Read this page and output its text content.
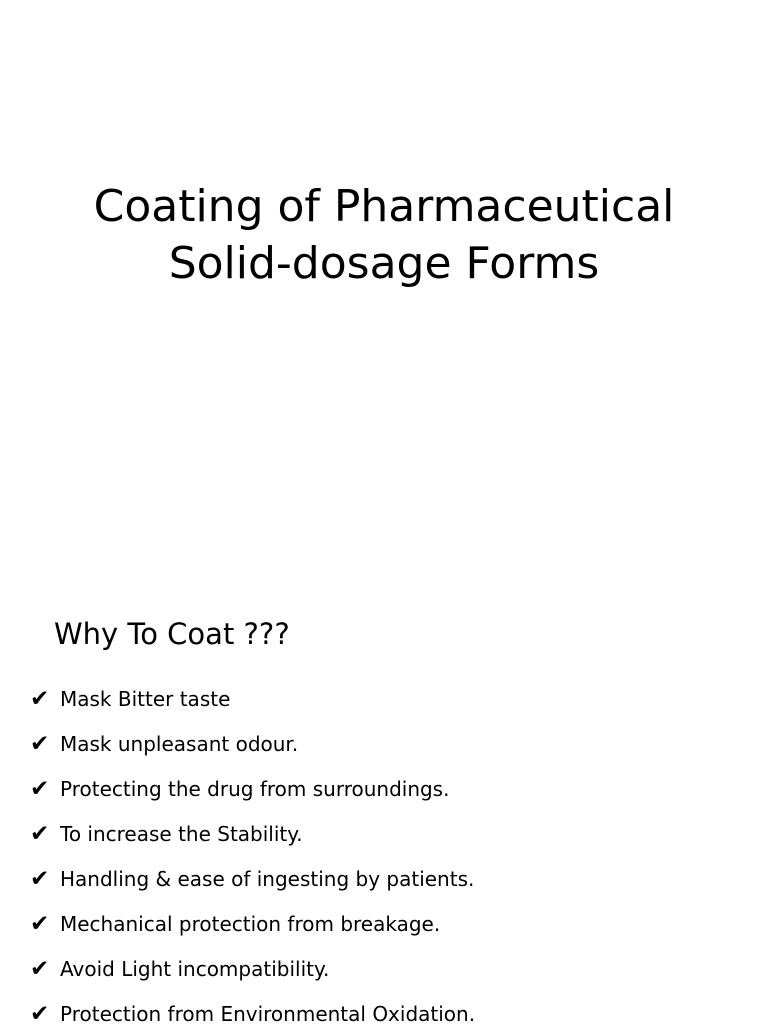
Coating of Pharmaceutical
Solid-dosage Forms
Why To Coat ???
✔ Mask Bitter taste
✔ Mask unpleasant odour.
✔ Protecting the drug from surroundings.
✔ To increase the Stability.
✔ Handling & ease of ingesting by patients.
✔ Mechanical protection from breakage.
✔ Avoid Light incompatibility.
✔ Protection from Environmental Oxidation.
